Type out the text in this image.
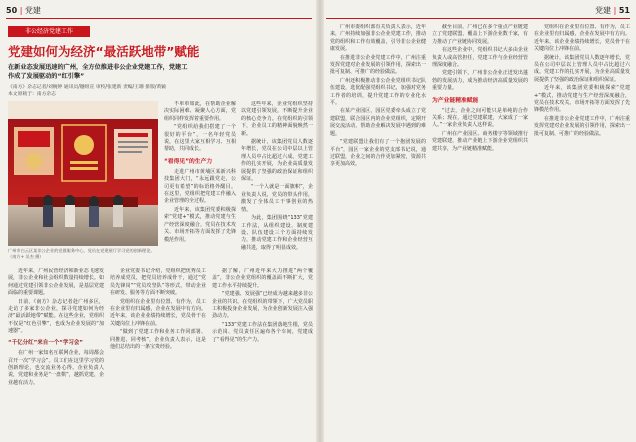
50 | 党建	党建 | 51
非公经济党建工作
党建如何为经济“最活跃地带”赋能
在新业态发展迅速的广州，全方位推进非公企业党建工作，党建工作成了发展驱动的“红引擎”
《南方》杂志记者/刘婉婷 通讯员/穗组宣 审校/张建新 责编/王珊 排版/黄颖
本文原载于：南方杂志
广州市白云区某非公企业的党群服务中心，党员在党建展厅学习党的创新理论。（南方+ 吴杰 摄）

不单单如此，在帮助企业解决实际困难、凝聚人心方面，党组织同样发挥着重要作用。

“党组织给我们搭建了一个很好的平台”，一名年轻党员说，在这里大家互相学习、互相帮助，共同成长。

“看得见”的生产力

走进广州市黄埔区某新兴科技集团大门，“永远跟党走，公司更有希望”的标语格外醒目。在这里，党组织把党建工作融入企业管理的全过程。

近年来，该集团党委积极探索“党建+”模式，推动党建与生产经营深度融合，党员在技术攻关、市场开拓等方面发挥了先锋模范作用。

这些年来，企业党组织坚持以党建引领发展，不断提升企业的核心竞争力。在党组织的引领下，企业员工的精神面貌焕然一新。

据统计，该集团党员人数逐年增长，党员在公司中层以上管理人员中占比超过六成。党建工作的扎实开展，为企业高质量发展提供了坚强的政治保证和组织保证。

“一个人就是一面旗帜”，企业负责人说，党员的带头作用，激发了全体员工干事创业的热情。

为此，集团围绕“133”党建工作法，从组织建设、制度建设、队伍建设三个方面持续发力，推动党建工作和企业经营互融共进，取得了明显成效。

近年来，广州民营经济和新业态飞速发展，非公企业和社会组织数量持续增长。如何通过党建引领非公企业发展，是基层党建面临的重要课题。

日前，《南方》杂志记者赴广州多区，走访了多家非公企业，探寻党建如何为经济“最活跃地带”赋能。在这些企业，党组织不仅是“红色引擎”，也成为企业发展的“加速器”。

“千亿分红”来自一个“学习会”

在广州一家知名互联网企业，每周都会召开一次“学习会”。员工们在这里学习党的创新理论，也交流业务心得。企业负责人说，党建和业务是“一盘棋”，越抓党建，企业越有活力。

企业党委书记介绍，党组织把优秀员工培养成党员，把党员培养成骨干，通过“党员先锋岗”“党员攻坚队”等形式，带动企业在研发、服务等方面不断突破。

党组织在企业里有位置、有作为，员工在企业里有归属感，企业在发展中有方向。近年来，该企业业绩持续增长，党员骨干在关键岗位上冲锋在前。

“做到了党建工作和业务工作同部署、同推进、同考核”，企业负责人表示，这是他们总结出的一条宝贵经验。

据了解，广州近年来大力推进“两个覆盖”，非公企业党组织的覆盖面不断扩大，党建工作水平持续提升。

“党建强、发展强”已经成为越来越多非公企业的共识。在党组织的带领下，广大党员职工积极投身企业发展，为企业创新发展注入强劲动力。

“133”党建工作法在集团落地生根，党员示范岗、党员责任区遍布各个车间，党建成了“看得见”的生产力。

广州市委组织部有关负责人表示，近年来，广州持续加强非公企业党建工作，推动党的组织和工作有效覆盖，引导非公企业健康发展。

在推进非公企业党建工作中，广州注重发挥党建对企业发展的引领作用，探索出一批可复制、可推广的经验做法。

广州还积极推动非公企业党组织书记队伍建设，选优配强党组织书记，加强对党务工作者的培训，提升党建工作的专业化水平。

在某产业园区，园区党委牵头成立了党建联盟，联合园区内的企业党组织，定期开展交流活动，帮助企业解决发展中遇到的难题。

“党建联盟让我们有了一个抱团发展的平台”，园区一家企业的党支部书记说，通过联盟，企业之间的合作更加紧密，资源共享更加高效。

截至目前，广州已在多个重点产业链建立了党建联盟，覆盖上下游企业数千家，有力推动了产业链协同发展。

在这些企业中，党组织书记大多由企业负责人或高管担任，党建工作与企业经营管理深度融合。

党建引领下，广州非公企业正迸发出蓬勃的发展活力，成为推动经济高质量发展的重要力量。

为产业链精准赋能

“过去，企业之间可能只是单纯的合作关系；现在，通过党建联建，大家成了一家人。”一家企业负责人这样说。

广州在产业园区、商务楼宇等领域推行党建联建，推动产业链上下游企业党组织共建共享，为产业链精准赋能。

党组织在企业里有位置、有作为，员工在企业里有归属感，企业在发展中有方向。近年来，该企业业绩持续增长，党员骨干在关键岗位上冲锋在前。

据统计，该集团党员人数逐年增长，党员在公司中层以上管理人员中占比超过六成。党建工作的扎实开展，为企业高质量发展提供了坚强的政治保证和组织保证。

近年来，该集团党委积极探索“党建+”模式，推动党建与生产经营深度融合，党员在技术攻关、市场开拓等方面发挥了先锋模范作用。

在推进非公企业党建工作中，广州注重发挥党建对企业发展的引领作用，探索出一批可复制、可推广的经验做法。
